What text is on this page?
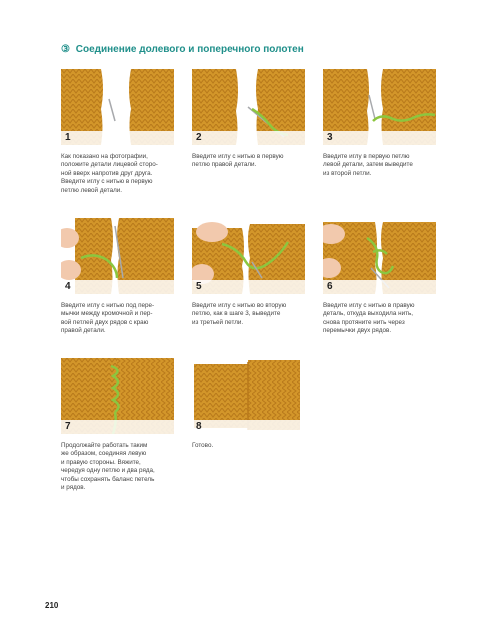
③ Соединение долевого и поперечного полотен
1
Как показано на фотографии,
положите детали лицевой сторо-
ной вверх напротив друг друга.
Введите иглу с нитью в первую
петлю левой детали.
2
Введите иглу с нитью в первую
петлю правой детали.
3
Введите иглу в первую петлю
левой детали, затем выведите
из второй петли.
4
Введите иглу с нитью под пере-
мычки между кромочной и пер-
вой петлей двух рядов с краю
правой детали.
5
Введите иглу с нитью во вторую
петлю, как в шаге 3, выведите
из третьей петли.
6
Введите иглу с нитью в правую
деталь, откуда выходила нить,
снова протяните нить через
перемычки двух рядов.
7
Продолжайте работать таким
же образом, соединяя левую
и правую стороны. Вяжите,
чередуя одну петлю и два ряда,
чтобы сохранять баланс петель
и рядов.
8
Готово.
210
